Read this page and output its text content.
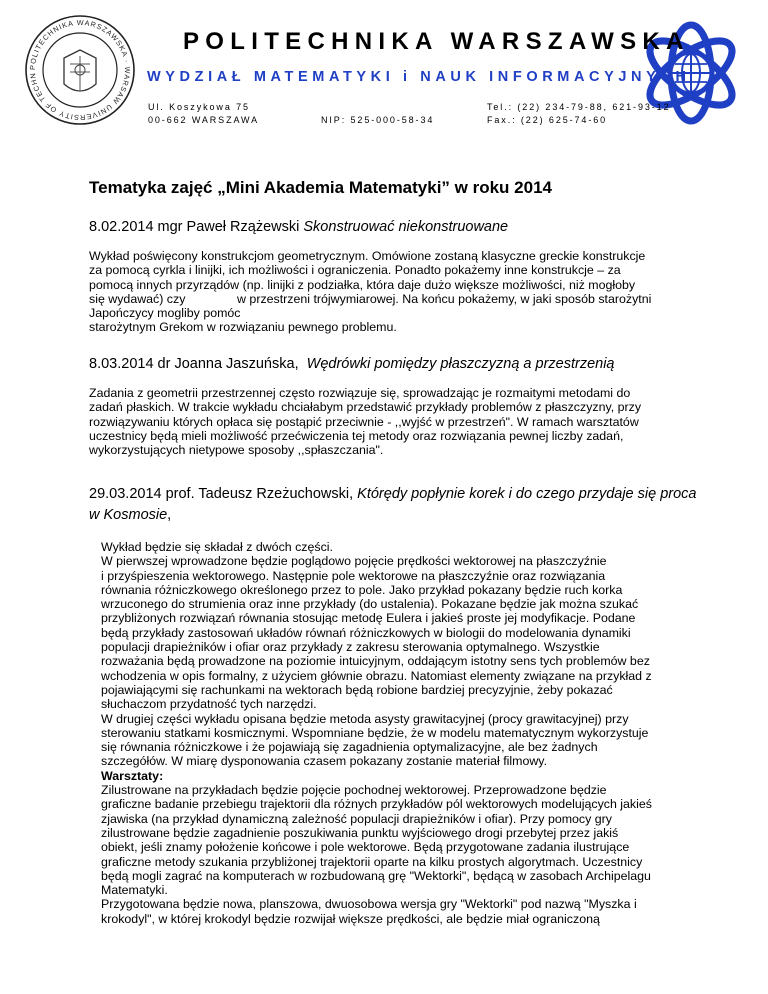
POLITECHNIKA WARSZAWSKA · WARSAW UNIVERSITY OF TECHN
POLITECHNIKA WARSZAWSKA
WYDZIAŁ MATEMATYKI i NAUK INFORMACYJNYCH
Ul. Koszykowa 75
00-662 WARSZAWA	NIP: 525-000-58-34
Tel.: (22) 234-79-88, 621-93-12
Fax.: (22) 625-74-60
Tematyka zajęć „Mini Akademia Matematyki” w roku 2014
8.02.2014 mgr Paweł Rzążewski Skonstruować niekonstruowane
Wykład poświęcony konstrukcjom geometrycznym. Omówione zostaną klasyczne greckie konstrukcje
za pomocą cyrkla i linijki, ich możliwości i ograniczenia. Ponadto pokażemy inne konstrukcje – za
pomocą innych przyrządów (np. linijki z podziałka, która daje dużo większe możliwości, niż mogłoby
się wydawać) czy               w przestrzeni trójwymiarowej. Na końcu pokażemy, w jaki sposób starożytni
Japończycy mogliby pomóc
starożytnym Grekom w rozwiązaniu pewnego problemu.
8.03.2014 dr Joanna Jaszuńska,  Wędrówki pomiędzy płaszczyzną a przestrzenią
Zadania z geometrii przestrzennej często rozwiązuje się, sprowadzając je rozmaitymi metodami do
zadań płaskich. W trakcie wykładu chciałabym przedstawić przykłady problemów z płaszczyzny, przy
rozwiązywaniu których opłaca się postąpić przeciwnie - ,,wyjść w przestrzeń". W ramach warsztatów
uczestnicy będą mieli możliwość przećwiczenia tej metody oraz rozwiązania pewnej liczby zadań,
wykorzystujących nietypowe sposoby ,,spłaszczania".
29.03.2014 prof. Tadeusz Rzeżuchowski, Którędy popłynie korek i do czego przydaje się proca w Kosmosie,
Wykład będzie się składał z dwóch części.
W pierwszej wprowadzone będzie poglądowo pojęcie prędkości wektorowej na płaszczyźnie
i przyśpieszenia wektorowego. Następnie pole wektorowe na płaszczyźnie oraz rozwiązania
równania różniczkowego określonego przez to pole. Jako przykład pokazany będzie ruch korka
wrzuconego do strumienia oraz inne przykłady (do ustalenia). Pokazane będzie jak można szukać
przybliżonych rozwiązań równania stosując metodę Eulera i jakieś proste jej modyfikacje. Podane
będą przykłady zastosowań układów równań różniczkowych w biologii do modelowania dynamiki
populacji drapieżników i ofiar oraz przykłady z zakresu sterowania optymalnego. Wszystkie
rozważania będą prowadzone na poziomie intuicyjnym, oddającym istotny sens tych problemów bez
wchodzenia w opis formalny, z użyciem głównie obrazu. Natomiast elementy związane na przykład z
pojawiającymi się rachunkami na wektorach będą robione bardziej precyzyjnie, żeby pokazać
słuchaczom przydatność tych narzędzi.
W drugiej części wykładu opisana będzie metoda asysty grawitacyjnej (procy grawitacyjnej) przy
sterowaniu statkami kosmicznymi. Wspomniane będzie, że w modelu matematycznym wykorzystuje
się równania różniczkowe i że pojawiają się zagadnienia optymalizacyjne, ale bez żadnych
szczegółów. W miarę dysponowania czasem pokazany zostanie materiał filmowy.
Warsztaty:
Zilustrowane na przykładach będzie pojęcie pochodnej wektorowej. Przeprowadzone będzie
graficzne badanie przebiegu trajektorii dla różnych przykładów pól wektorowych modelujących jakieś
zjawiska (na przykład dynamiczną zależność populacji drapieżników i ofiar). Przy pomocy gry
zilustrowane będzie zagadnienie poszukiwania punktu wyjściowego drogi przebytej przez jakiś
obiekt, jeśli znamy położenie końcowe i pole wektorowe. Będą przygotowane zadania ilustrujące
graficzne metody szukania przybliżonej trajektorii oparte na kilku prostych algorytmach. Uczestnicy
będą mogli zagrać na komputerach w rozbudowaną grę "Wektorki", będącą w zasobach Archipelagu
Matematyki.
Przygotowana będzie nowa, planszowa, dwuosobowa wersja gry "Wektorki" pod nazwą "Myszka i
krokodyl", w której krokodyl będzie rozwijał większe prędkości, ale będzie miał ograniczoną
